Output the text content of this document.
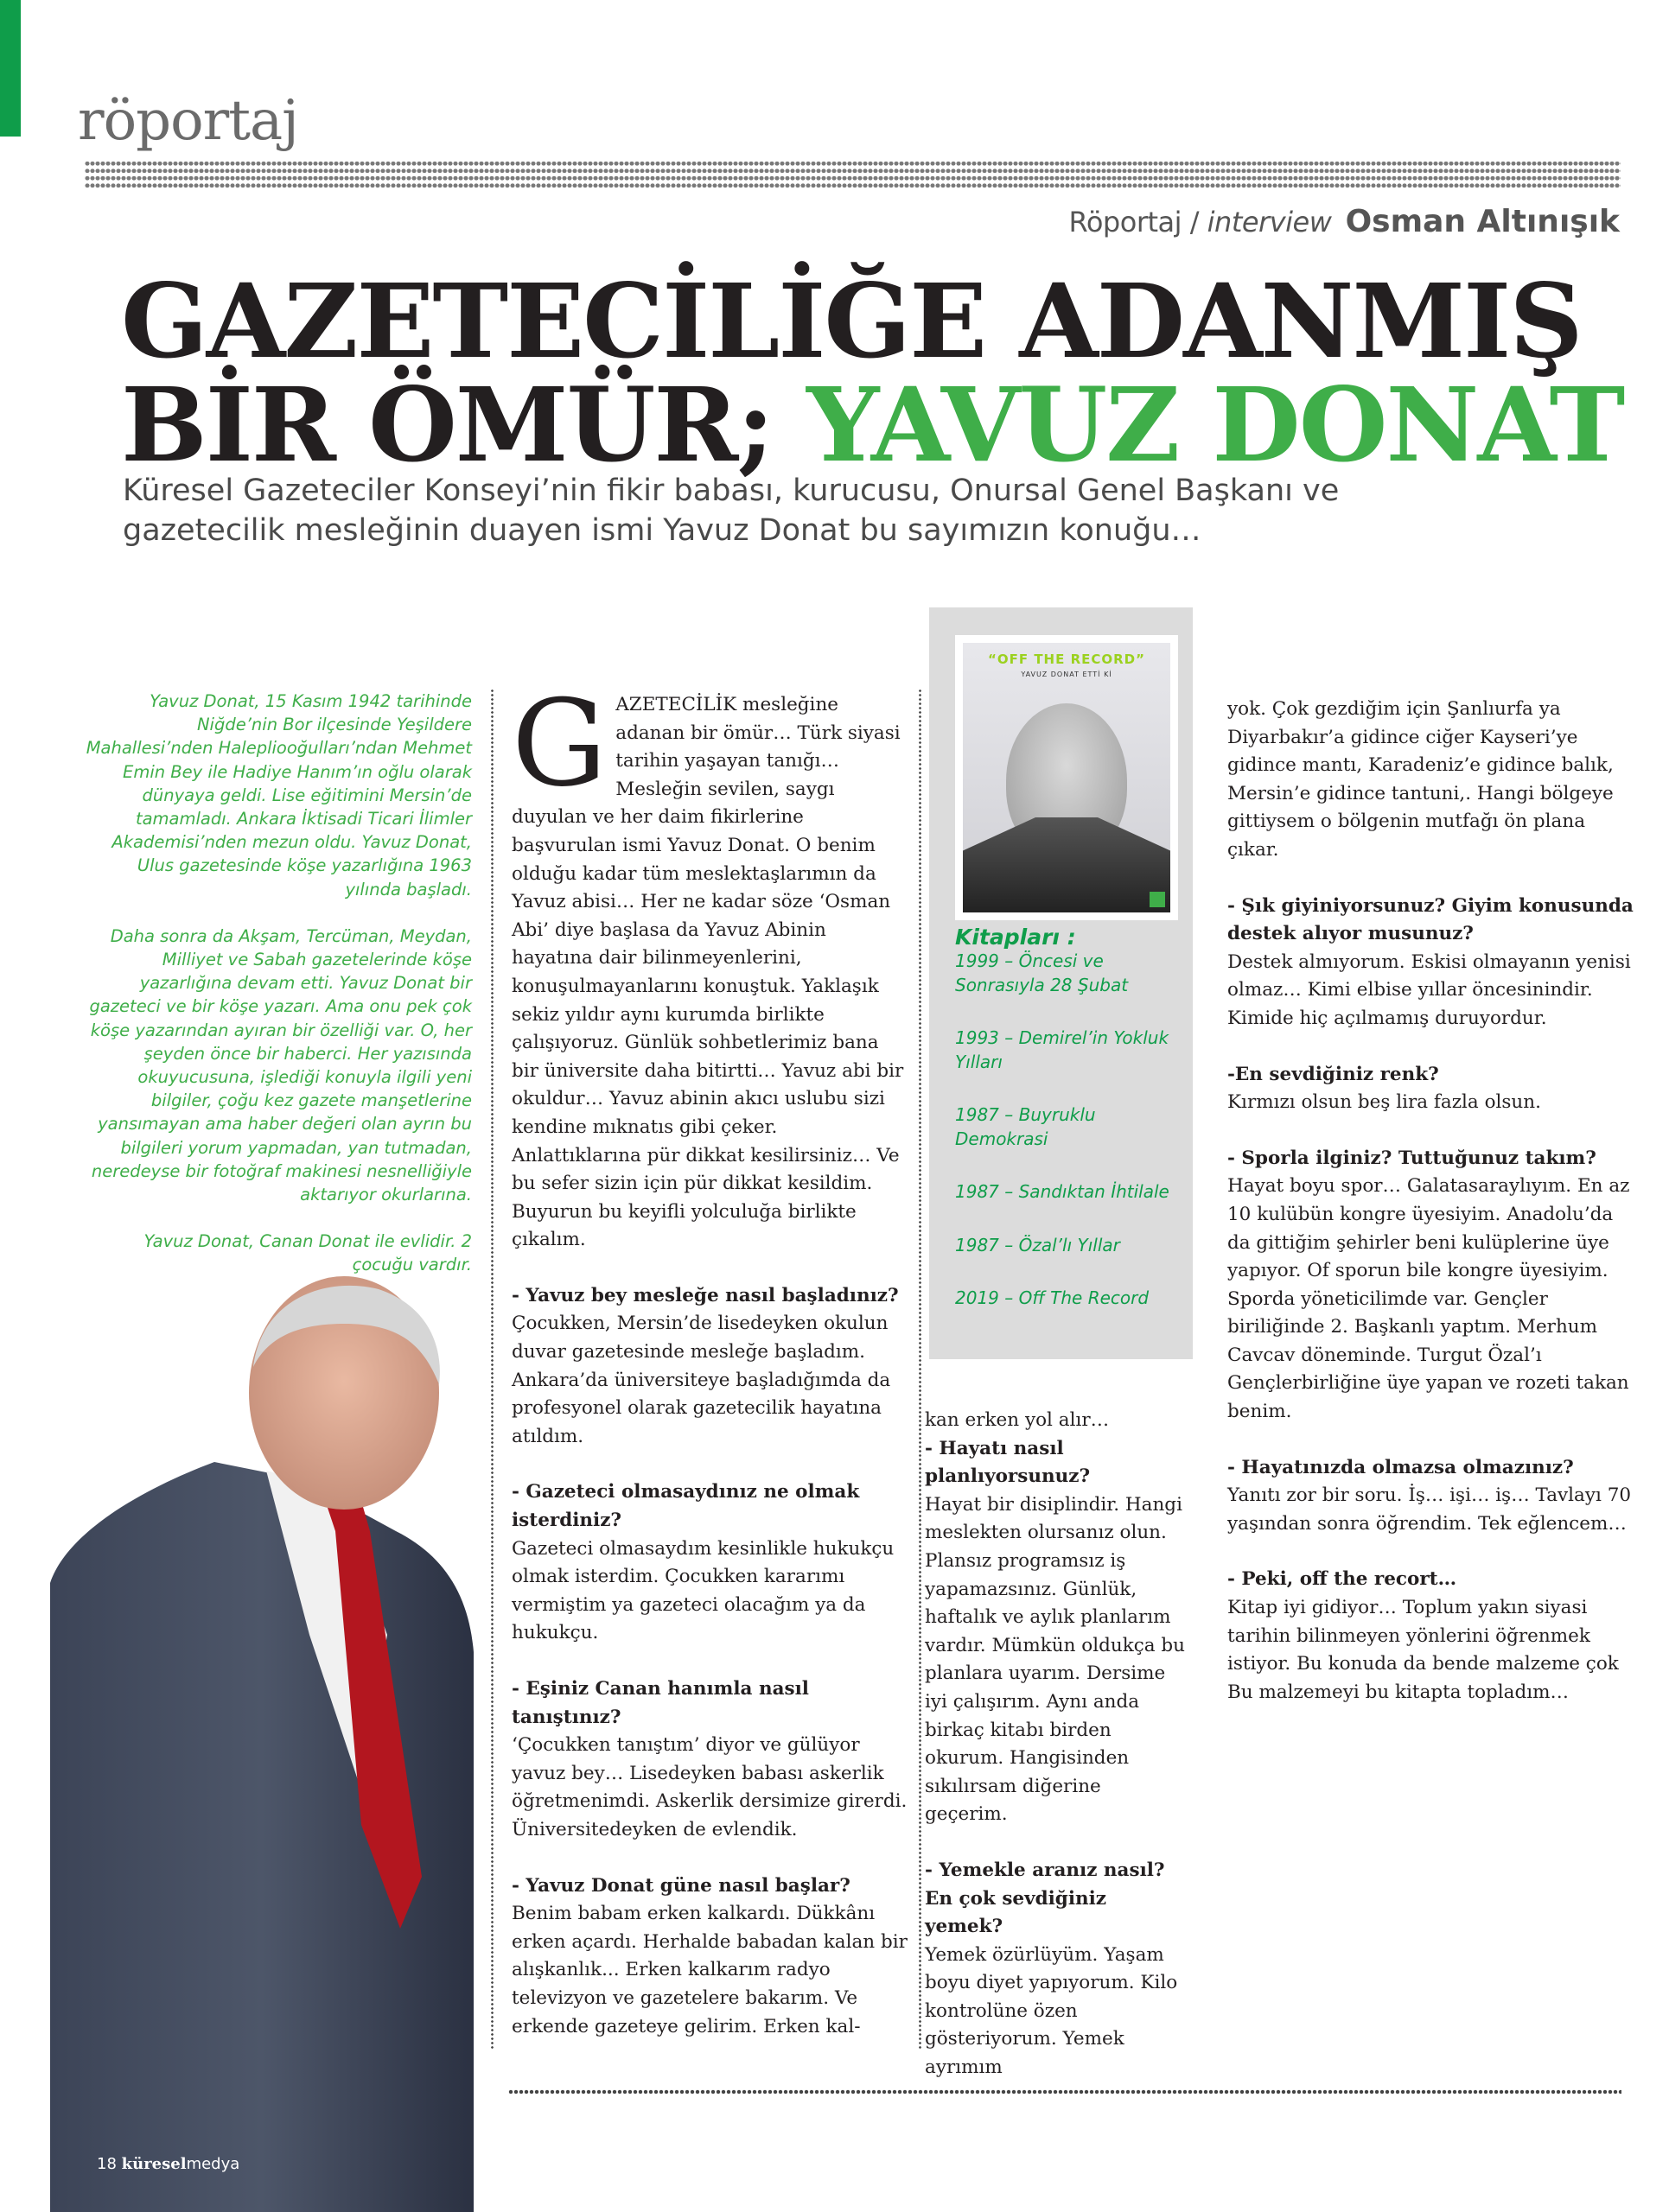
röportaj
Röportaj / interview Osman Altınışık
GAZETECİLİĞE ADANMIŞ
BİR ÖMÜR; YAVUZ DONAT

Küresel Gazeteciler Konseyi’nin fikir babası, kurucusu, Onursal Genel Başkanı ve gazetecilik mesleğinin duayen ismi Yavuz Donat bu sayımızın konuğu…

Yavuz Donat, 15 Kasım 1942 tarihinde Niğde’nin Bor ilçesinde Yeşildere Mahallesi’nden Halepliooğulları’ndan Mehmet Emin Bey ile Hadiye Hanım’ın oğlu olarak dünyaya geldi. Lise eğitimini Mersin’de tamamladı. Ankara İktisadi Ticari İlimler Akademisi’nden mezun oldu. Yavuz Donat, Ulus gazetesinde köşe yazarlığına 1963 yılında başladı.

Daha sonra da Akşam, Tercüman, Meydan, Milliyet ve Sabah gazetelerinde köşe yazarlığına devam etti. Yavuz Donat bir gazeteci ve bir köşe yazarı. Ama onu pek çok köşe yazarından ayıran bir özelliği var. O, her şeyden önce bir haberci. Her yazısında okuyucusuna, işlediği konuyla ilgili yeni bilgiler, çoğu kez gazete manşetlerine yansımayan ama haber değeri olan ayrın bu bilgileri yorum yapmadan, yan tutmadan, neredeyse bir fotoğraf makinesi nesnelliğiyle aktarıyor okurlarına.

Yavuz Donat, Canan Donat ile evlidir. 2 çocuğu vardır.

GAZETECİLİK mesleğine adanan bir ömür… Türk siyasi tarihin yaşayan tanığı… Mesleğin sevilen, saygı duyulan ve her daim fikirlerine başvurulan ismi Yavuz Donat. O benim olduğu kadar tüm meslektaşlarımın da Yavuz abisi… Her ne kadar söze ‘Osman Abi’ diye başlasa da Yavuz Abinin hayatına dair bilinmeyenlerini, konuşulmayanlarını konuştuk. Yaklaşık sekiz yıldır aynı kurumda birlikte çalışıyoruz. Günlük sohbetlerimiz bana bir üniversite daha bitirtti… Yavuz abi bir okuldur… Yavuz abinin akıcı uslubu sizi kendine mıknatıs gibi çeker. Anlattıklarına pür dikkat kesilirsiniz… Ve bu sefer sizin için pür dikkat kesildim. Buyurun bu keyifli yolculuğa birlikte çıkalım.

- Yavuz bey mesleğe nasıl başladınız?
Çocukken, Mersin’de lisedeyken okulun duvar gazetesinde mesleğe başladım. Ankara’da üniversiteye başladığımda da profesyonel olarak gazetecilik hayatına atıldım.

- Gazeteci olmasaydınız ne olmak isterdiniz?
Gazeteci olmasaydım kesinlikle hukukçu olmak isterdim. Çocukken kararımı vermiştim ya gazeteci olacağım ya da hukukçu.

- Eşiniz Canan hanımla nasıl tanıştınız?
‘Çocukken tanıştım’ diyor ve gülüyor yavuz bey… Lisedeyken babası askerlik öğretmenimdi. Askerlik dersimize girerdi. Üniversitedeyken de evlendik.

- Yavuz Donat güne nasıl başlar?
Benim babam erken kalkardı. Dükkânı erken açardı. Herhalde babadan kalan bir alışkanlık... Erken kalkarım radyo televizyon ve gazetelere bakarım. Ve erkende gazeteye gelirim. Erken kal-

“OFF THE RECORD”
YAVUZ DONAT ETTİ Kİ
Kitapları :
1999 – Öncesi ve Sonrasıyla 28 Şubat
1993 – Demirel’in Yokluk Yılları
1987 – Buyruklu Demokrasi
1987 – Sandıktan İhtilale
1987 – Özal’lı Yıllar
2019 – Off The Record

kan erken yol alır…

- Hayatı nasıl planlıyorsunuz?
Hayat bir disiplindir. Hangi meslekten olursanız olun. Plansız programsız iş yapamazsınız. Günlük, haftalık ve aylık planlarım vardır. Mümkün oldukça bu planlara uyarım. Dersime iyi çalışırım. Aynı anda birkaç kitabı birden okurum. Hangisinden sıkılırsam diğerine geçerim.

- Yemekle aranız nasıl? En çok sevdiğiniz yemek?
Yemek özürlüyüm. Yaşam boyu diyet yapıyorum. Kilo kontrolüne özen gösteriyorum. Yemek ayrımım

yok. Çok gezdiğim için Şanlıurfa ya Diyarbakır’a gidince ciğer Kayseri’ye gidince mantı, Karadeniz’e gidince balık, Mersin’e gidince tantuni,. Hangi bölgeye gittiysem o bölgenin mutfağı ön plana çıkar.

- Şık giyiniyorsunuz? Giyim konusunda destek alıyor musunuz?
Destek almıyorum. Eskisi olmayanın yenisi olmaz… Kimi elbise yıllar öncesinindir. Kimide hiç açılmamış duruyordur.

-En sevdiğiniz renk?
Kırmızı olsun beş lira fazla olsun.

- Sporla ilginiz? Tuttuğunuz takım?
Hayat boyu spor… Galatasaraylıyım. En az 10 kulübün kongre üyesiyim. Anadolu’da da gittiğim şehirler beni kulüplerine üye yapıyor. Of sporun bile kongre üyesiyim. Sporda yöneticilimde var. Gençler biriliğinde 2. Başkanlı yaptım. Merhum Cavcav döneminde. Turgut Özal’ı Gençlerbirliğine üye yapan ve rozeti takan benim.

- Hayatınızda olmazsa olmazınız?
Yanıtı zor bir soru. İş… işi… iş… Tavlayı 70 yaşından sonra öğrendim. Tek eğlencem…

- Peki, off the recort…
Kitap iyi gidiyor… Toplum yakın siyasi tarihin bilinmeyen yönlerini öğrenmek istiyor. Bu konuda da bende malzeme çok Bu malzemeyi bu kitapta topladım…

18 küreselmedya
